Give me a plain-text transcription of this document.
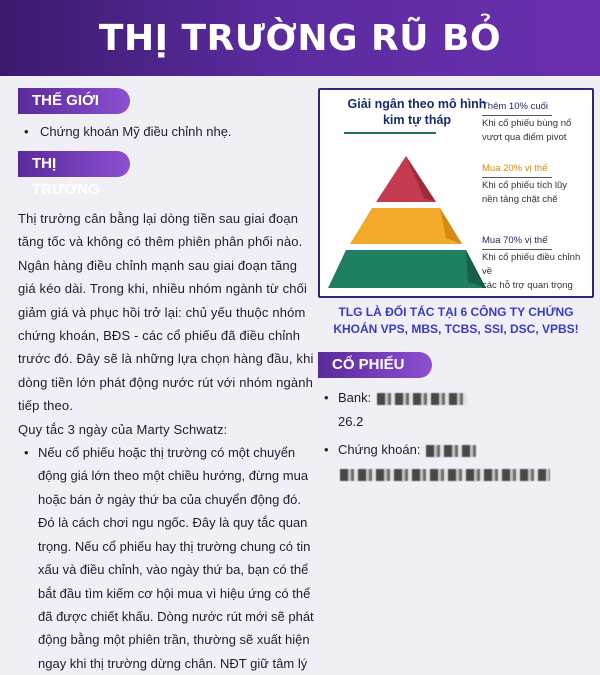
THỊ TRƯỜNG RŨ BỎ
THẾ GIỚI
• Chứng khoán Mỹ điều chỉnh nhẹ.
THỊ TRƯỜNG

Thị trường cân bằng lại dòng tiền sau giai đoạn tăng tốc và không có thêm phiên phân phối nào. Ngân hàng điều chỉnh mạnh sau giai đoạn tăng giá kéo dài. Trong khi, nhiều nhóm ngành từ chối giảm giá và phục hồi trở lại: chủ yếu thuộc nhóm chứng khoán, BĐS - các cổ phiếu đã điều chỉnh trước đó. Đây sẽ là những lựa chọn hàng đầu, khi dòng tiền lớn phát động nước rút với nhóm ngành tiếp theo.

Quy tắc 3 ngày của Marty Schwatz:

• Nếu cổ phiếu hoặc thị trường có một chuyển động giá lớn theo một chiều hướng, đừng mua hoặc bán ở ngày thứ ba của chuyển động đó. Đó là cách chơi ngu ngốc. Đây là quy tắc quan trọng. Nếu cổ phiếu hay thị trường chung có tin xấu và điều chỉnh, vào ngày thứ ba, bạn có thể bắt đầu tìm kiếm cơ hội mua vì hiệu ứng có thể đã được chiết khấu. Dòng nước rút mới sẽ phát động bằng một phiên trần, thường sẽ xuất hiện ngay khi thị trường dừng chân. NĐT giữ tâm lý
Giải ngân theo mô hình kim tự tháp
Thêm 10% cuối
Khi cổ phiếu bùng nổ
vượt qua điểm pivot
Mua 20% vị thế
Khi cổ phiếu tích lũy
nền tảng chặt chẽ
Mua 70% vị thế
Khi cổ phiếu điều chỉnh về
các hỗ trợ quan trọng
TLG LÀ ĐỐI TÁC TẠI 6 CÔNG TY CHỨNG KHOÁN VPS, MBS, TCBS, SSI, DSC, VPBS!
CỔ PHIẾU
• Bank:
26.2
• Chứng khoán:
